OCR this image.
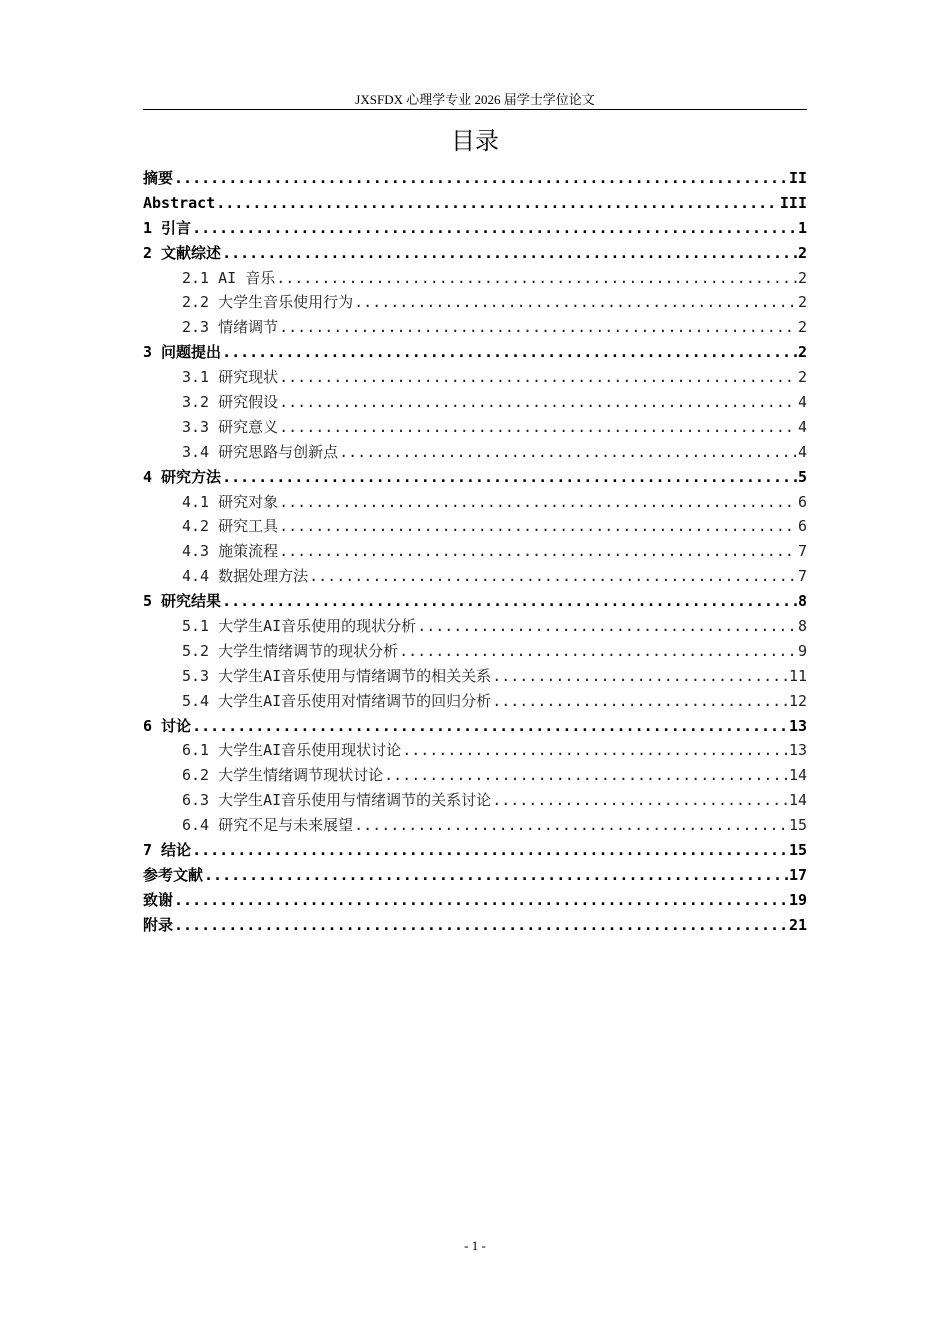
JXSFDX 心理学专业 2026 届学士学位论文
目录
摘要 .....	II
Abstract .....	III
1 引言 .....	1
2 文献综述 .....	2
2.1 AI 音乐 .....	2
2.2 大学生音乐使用行为 .....	2
2.3 情绪调节 .....	2
3 问题提出 .....	2
3.1 研究现状 .....	2
3.2 研究假设 .....	4
3.3 研究意义 .....	4
3.4 研究思路与创新点 .....	4
4 研究方法 .....	5
4.1 研究对象 .....	6
4.2 研究工具 .....	6
4.3 施策流程 .....	7
4.4 数据处理方法 .....	7
5 研究结果 .....	8
5.1 大学生AI音乐使用的现状分析 .....	8
5.2 大学生情绪调节的现状分析 .....	9
5.3 大学生AI音乐使用与情绪调节的相关关系 .....	11
5.4 大学生AI音乐使用对情绪调节的回归分析 .....	12
6 讨论 .....	13
6.1 大学生AI音乐使用现状讨论 .....	13
6.2 大学生情绪调节现状讨论 .....	14
6.3 大学生AI音乐使用与情绪调节的关系讨论 .....	14
6.4 研究不足与未来展望 .....	15
7 结论 .....	15
参考文献 .....	17
致谢 .....	19
附录 .....	21
- 1 -
